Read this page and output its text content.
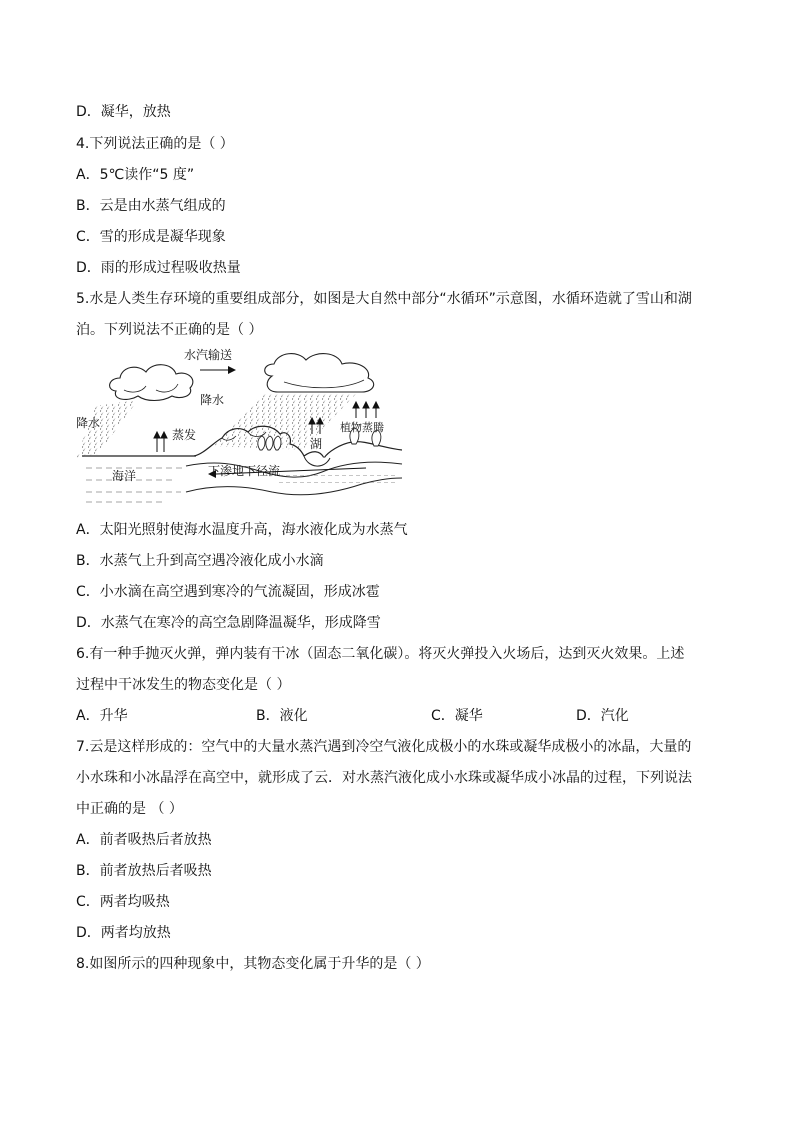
D．凝华，放热
4.下列说法正确的是（ ）
A．5℃读作“5 度”
B．云是由水蒸气组成的
C．雪的形成是凝华现象
D．雨的形成过程吸收热量
5.水是人类生存环境的重要组成部分，如图是大自然中部分“水循环”示意图，水循环造就了雪山和湖
泊。下列说法不正确的是（ ）
水汽输送
降水
降水
蒸发
海洋
湖
植物蒸腾
下渗地下径流
A．太阳光照射使海水温度升高，海水液化成为水蒸气
B．水蒸气上升到高空遇冷液化成小水滴
C．小水滴在高空遇到寒冷的气流凝固，形成冰雹
D．水蒸气在寒冷的高空急剧降温凝华，形成降雪
6.有一种手抛灭火弹，弹内装有干冰（固态二氧化碳）。将灭火弹投入火场后，达到灭火效果。上述
过程中干冰发生的物态变化是（ ）
A．升华	B．液化	C．凝华	D．汽化
7.云是这样形成的：空气中的大量水蒸汽遇到冷空气液化成极小的水珠或凝华成极小的冰晶，大量的
小水珠和小冰晶浮在高空中，就形成了云．对水蒸汽液化成小水珠或凝华成小冰晶的过程，下列说法
中正确的是 （ ）
A．前者吸热后者放热
B．前者放热后者吸热
C．两者均吸热
D．两者均放热
8.如图所示的四种现象中，其物态变化属于升华的是（ ）
